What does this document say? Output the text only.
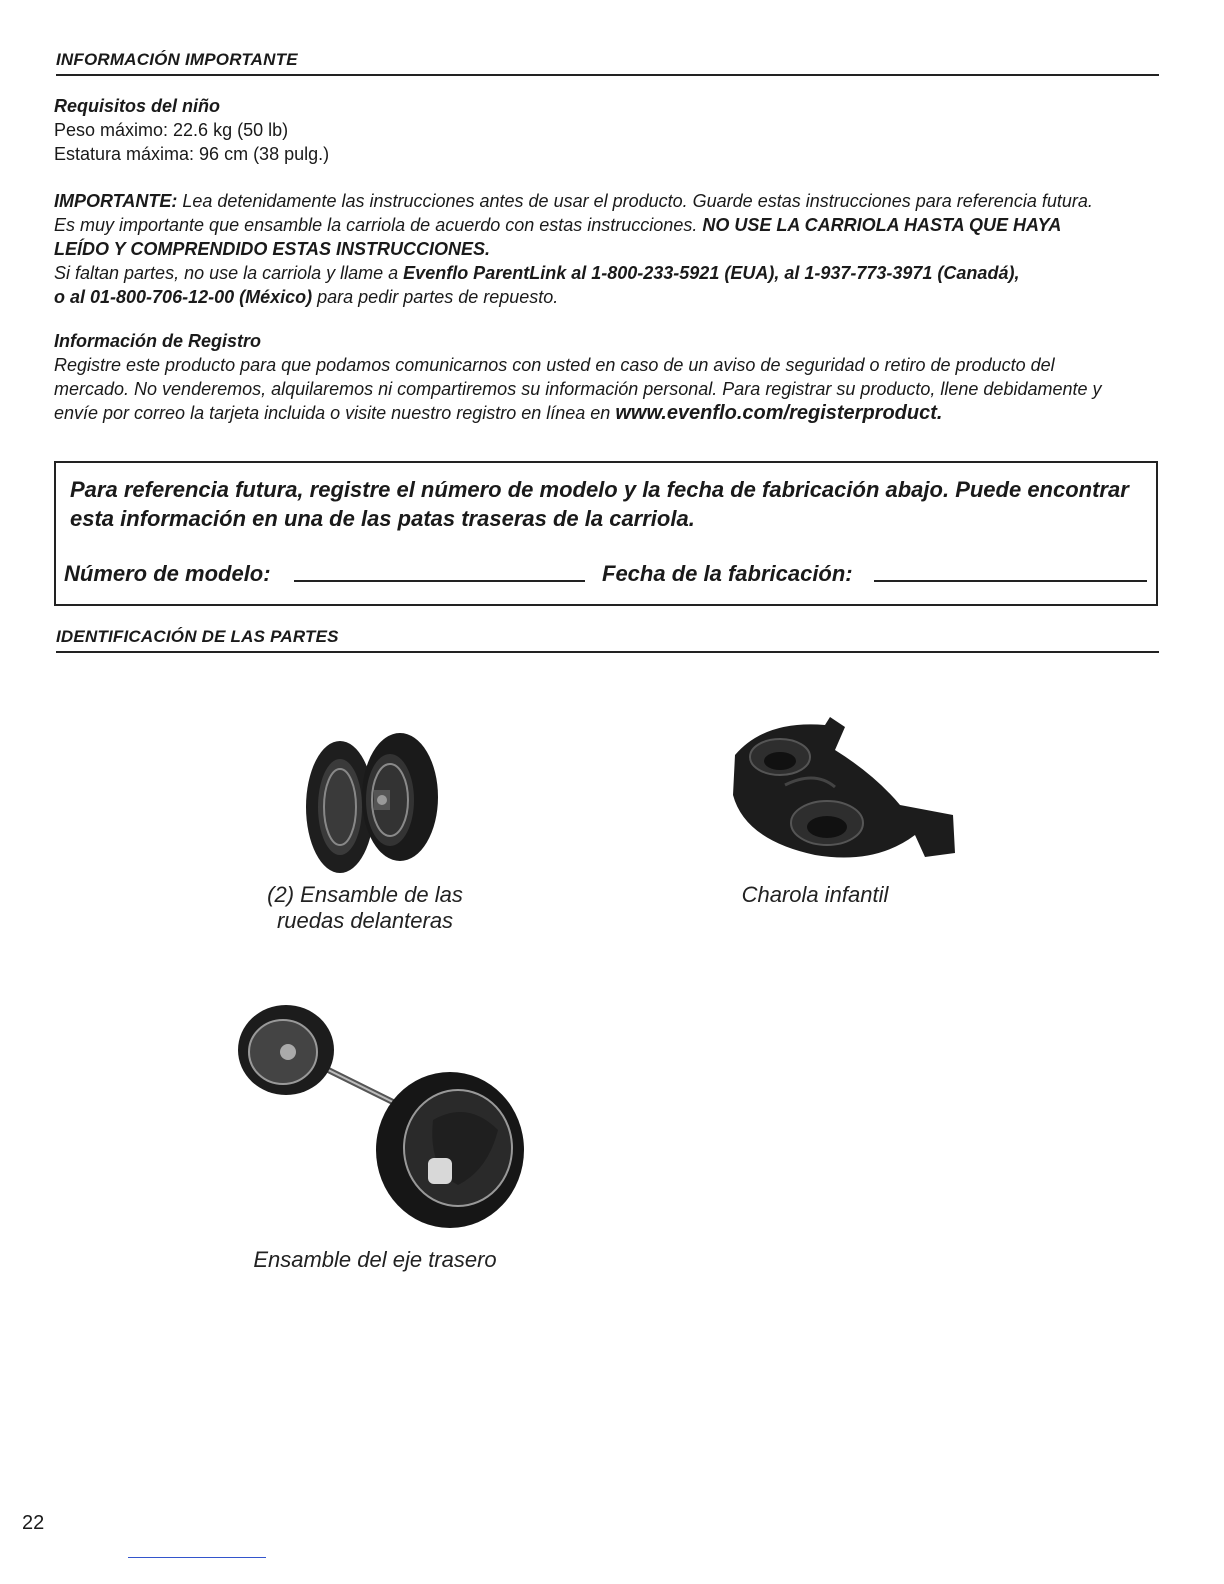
INFORMACIÓN IMPORTANTE
Requisitos del niño
Peso máximo: 22.6 kg (50 lb)
Estatura máxima: 96 cm (38 pulg.)
IMPORTANTE: Lea detenidamente las instrucciones antes de usar el producto. Guarde estas instrucciones para referencia futura.
Es muy importante que ensamble la carriola de acuerdo con estas instrucciones. NO USE LA CARRIOLA HASTA QUE HAYA
LEÍDO Y COMPRENDIDO ESTAS INSTRUCCIONES.
Si faltan partes, no use la carriola y llame a Evenflo ParentLink al 1-800-233-5921 (EUA), al 1-937-773-3971 (Canadá),
o al 01-800-706-12-00 (México) para pedir partes de repuesto.
Información de Registro
Registre este producto para que podamos comunicarnos con usted en caso de un aviso de seguridad o retiro de producto del
mercado. No venderemos, alquilaremos ni compartiremos su información personal. Para registrar su producto, llene debidamente y
envíe por correo la tarjeta incluida o visite nuestro registro en línea en www.evenflo.com/registerproduct.
Para referencia futura, registre el número de modelo y la fecha de fabricación abajo. Puede encontrar
esta información en una de las patas traseras de la carriola.
Número de modelo:	Fecha de la fabricación:
IDENTIFICACIÓN DE LAS PARTES
(2) Ensamble de las
ruedas delanteras
Charola infantil
Ensamble del eje trasero
22
